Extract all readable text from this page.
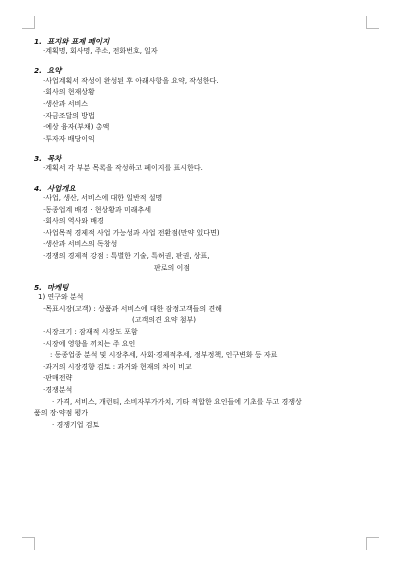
1. 표지와 표제 페이지
·계획명, 회사명, 주소, 전화번호, 일자
2. 요약
·사업계획서 작성이 완성된 후 아래사항을 요약, 작성한다.
·회사의 현재상황
·생산과 서비스
·자금조달의 방법
·예상 융자(부채) 총액
·투자자 배당이익
3. 목차
·계획서 각 부분 목록을 작성하고 페이지를 표시한다.
4. 사업개요
·사업, 생산, 서비스에 대한 일반적 설명
·동종업계 배경 · 현상황과 미래추세
·회사의 역사와 배경
·사업목적 경제적 사업 가능성과 사업 전환점(만약 있다면)
·생산과 서비스의 독창성
·경쟁의 경제적 강점 : 특별한 기술, 특허권, 판권, 상표,
판로의 이점
5. 마케팅
1) 연구와 분석
·목표시장(고객) : 상품과 서비스에 대한 잠정고객들의 견해
(고객의견 요약 첨부)
·시장크기 : 잠재적 시장도 포함
·시장에 영향을 끼치는 주 요인
　: 동종업종 분석 및 시장추세, 사회·경제적추세, 정부정책, 인구변화 등 자료
·과거의 시장경향 검토 : 과거와 현재의 차이 비교
·판매전략
·경쟁분석
　· 가격, 서비스, 개런티, 소비자부가가치, 기타 적합한 요인들에 기초를 두고 경쟁상
품의 장·약점 평가
　· 경쟁기업 검토
